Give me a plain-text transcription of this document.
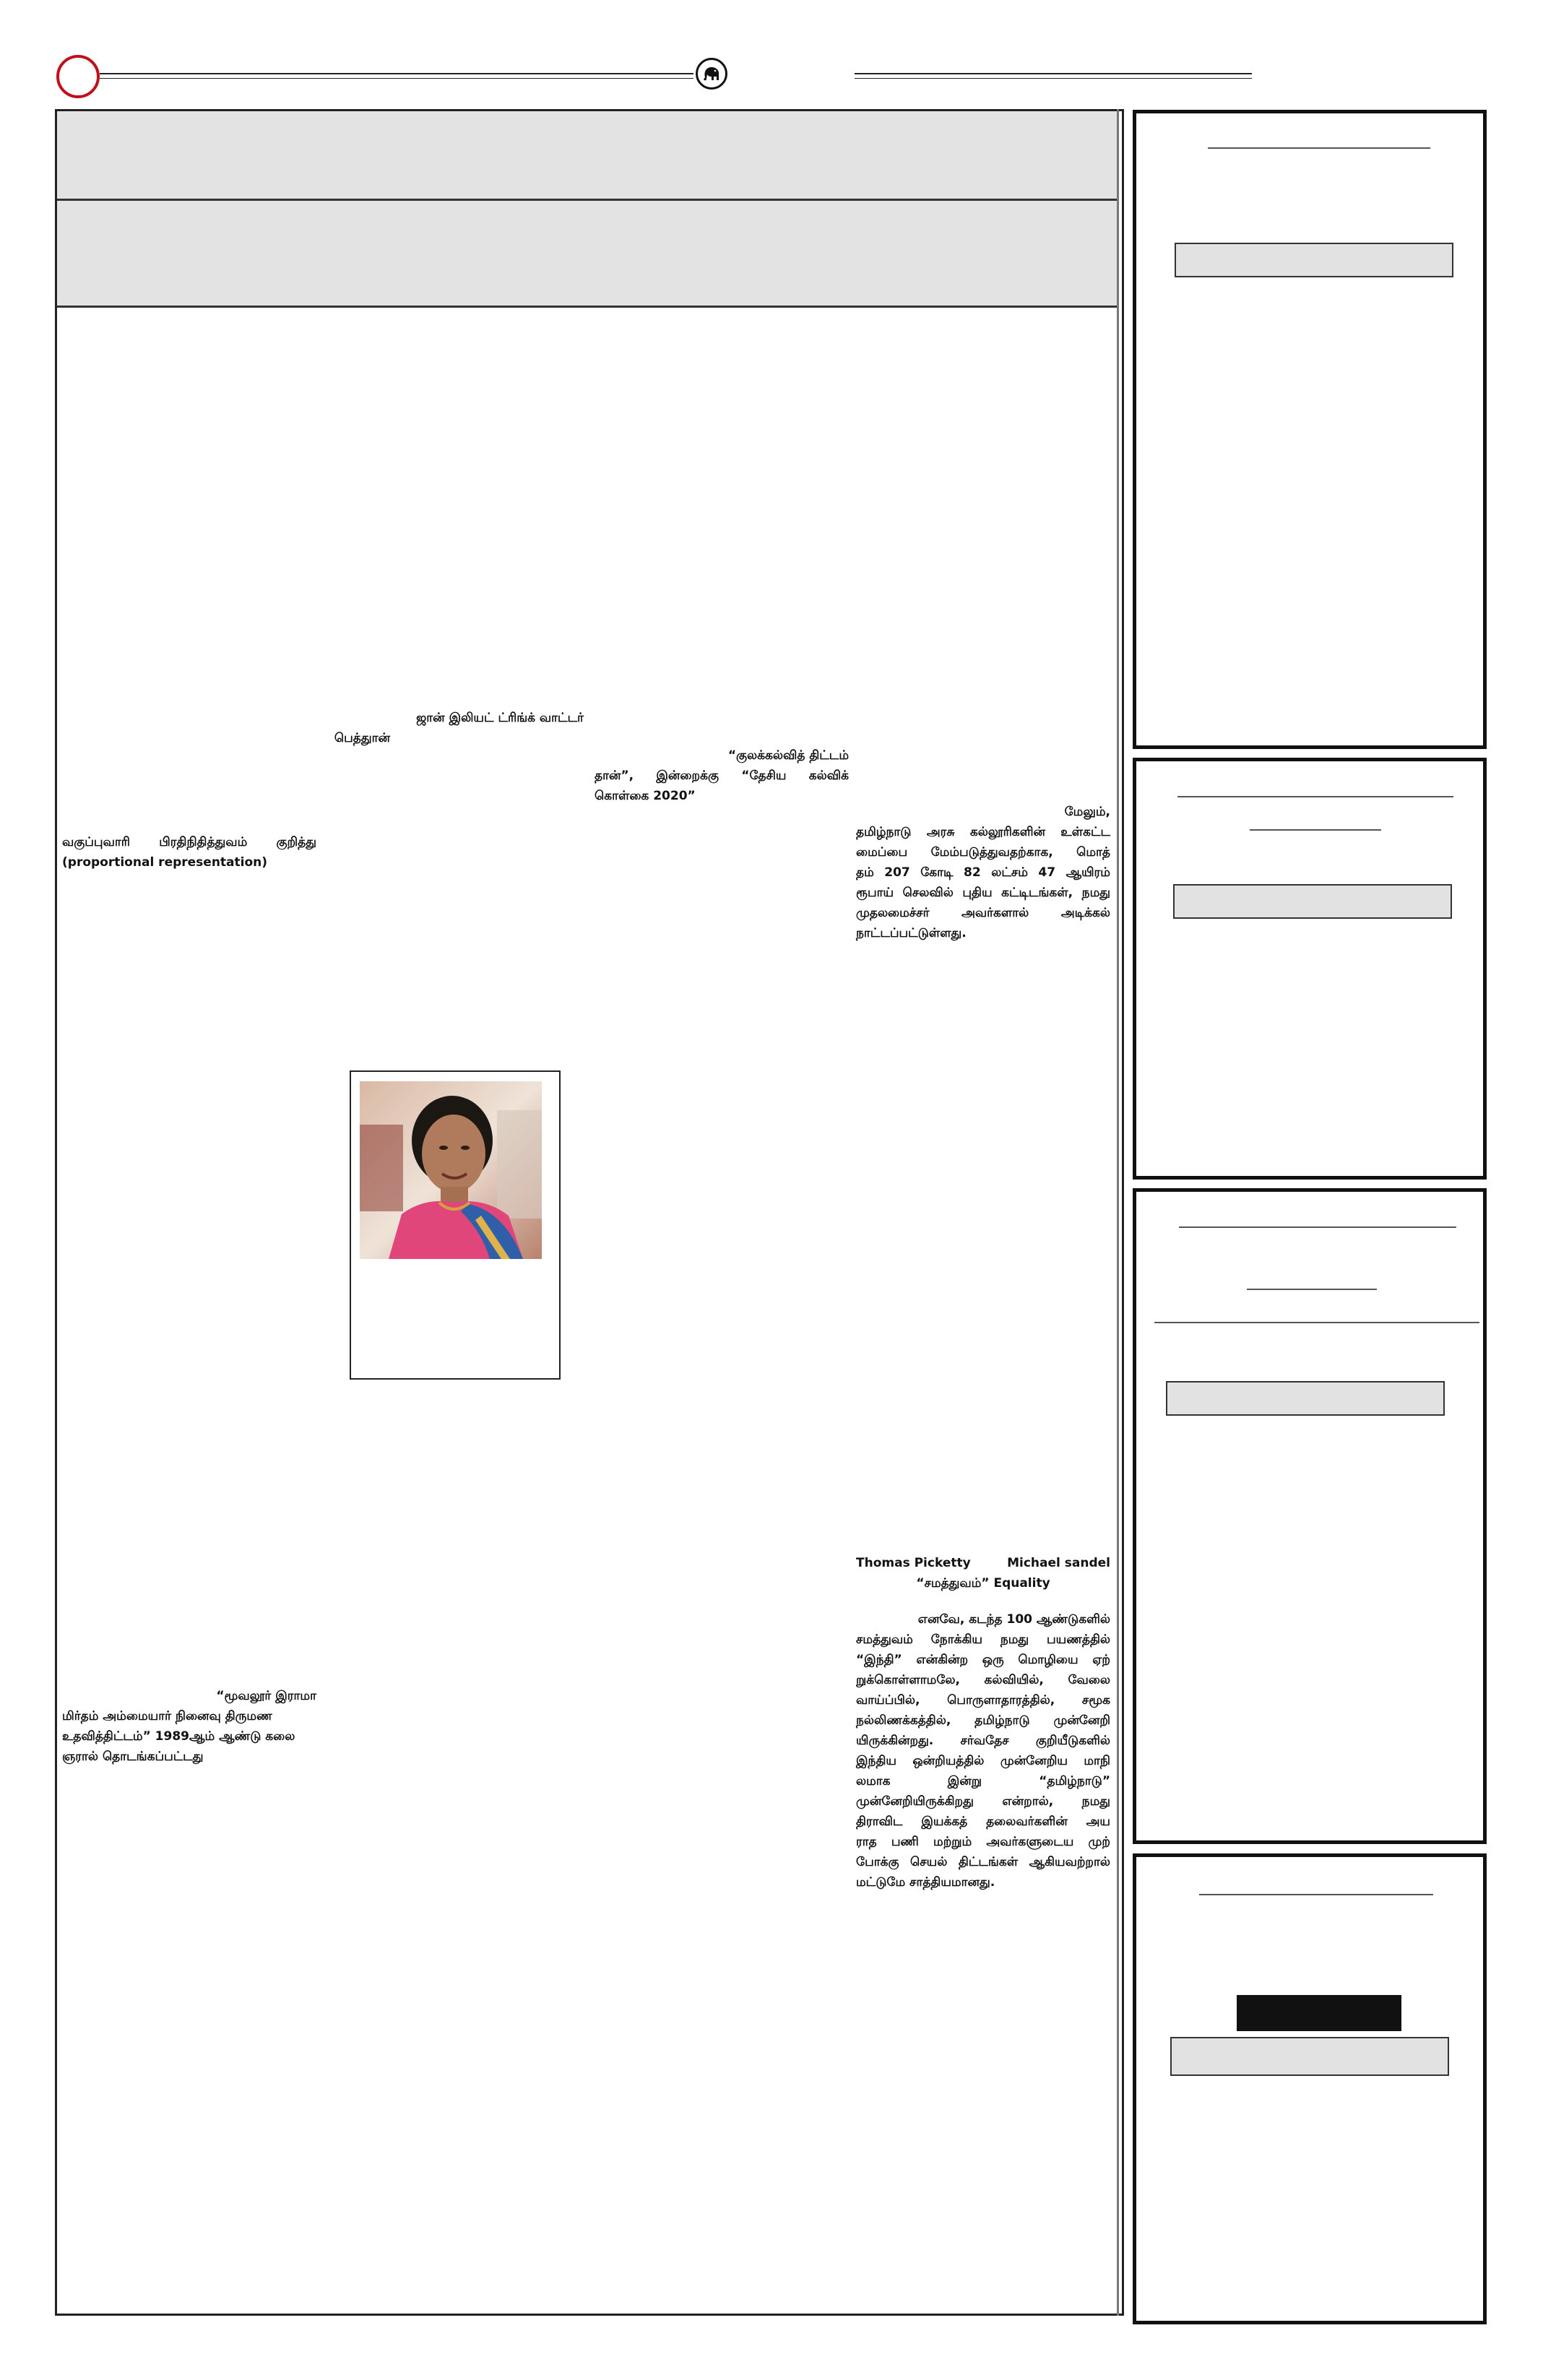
வகுப்புவாரி பிரதிநிதித்துவம் குறித்து
(proportional representation)
“மூவலூர் இராமா
மிர்தம் அம்மையார் நினைவு திருமண
உதவித்திட்டம்” 1989ஆம் ஆண்டு கலை
ஞரால் தொடங்கப்பட்டது
ஜான் இலியட் ட்ரிங்க் வாட்டர்
பெத்துான்
“குலக்கல்வித் திட்டம்
தான்”, இன்றைக்கு “தேசிய கல்விக்
கொள்கை 2020”
மேலும்,
தமிழ்நாடு அரசு கல்லூரிகளின் உள்கட்ட
மைப்பை மேம்படுத்துவதற்காக, மொத்
தம் 207 கோடி 82 லட்சம் 47 ஆயிரம்
ரூபாய் செலவில் புதிய கட்டிடங்கள், நமது
முதலமைச்சர் அவர்களால் அடிக்கல்
நாட்டப்பட்டுள்ளது.
Thomas Picketty	Michael sandel
“சமத்துவம்” Equality
எனவே, கடந்த 100 ஆண்டுகளில்
சமத்துவம் நோக்கிய நமது பயணத்தில்
“இந்தி” என்கின்ற ஒரு மொழியை ஏற்
றுக்கொள்ளாமலே, கல்வியில், வேலை
வாய்ப்பில், பொருளாதாரத்தில், சமூக
நல்லிணக்கத்தில், தமிழ்நாடு முன்னேறி
யிருக்கின்றது. சர்வதேச குறியீடுகளில்
இந்திய ஒன்றியத்தில் முன்னேறிய மாநி
லமாக இன்று “தமிழ்நாடு”
முன்னேறியிருக்கிறது என்றால், நமது
திராவிட இயக்கத் தலைவர்களின் அய
ராத பணி மற்றும் அவர்களுடைய முற்
போக்கு செயல் திட்டங்கள் ஆகியவற்றால்
மட்டுமே சாத்தியமானது.
